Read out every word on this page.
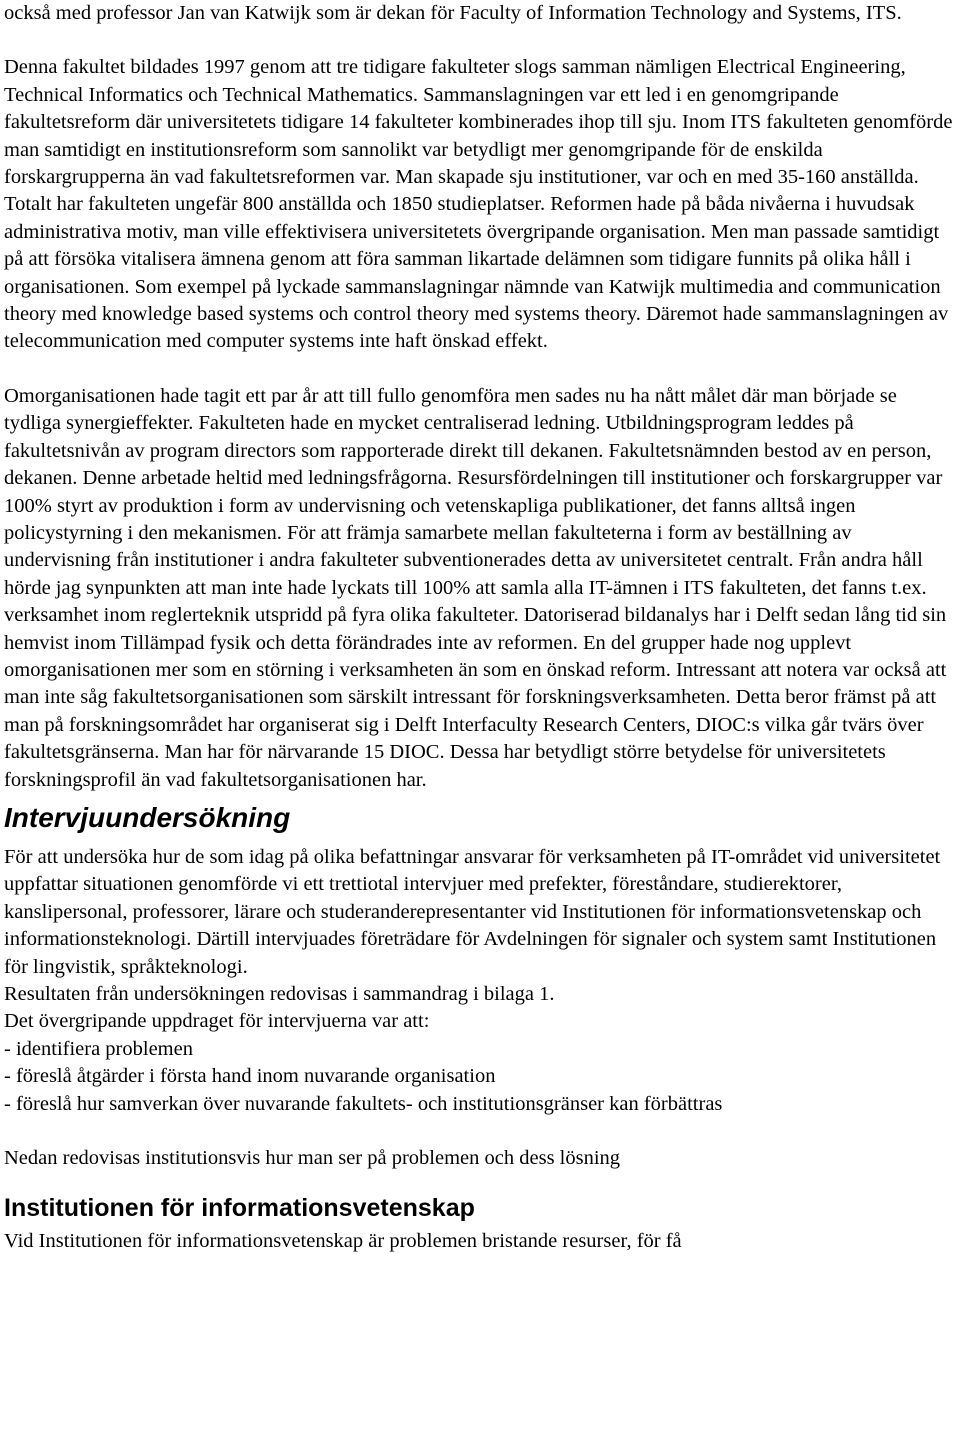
också med professor Jan van Katwijk som är dekan för Faculty of Information Technology and Systems, ITS.

Denna fakultet bildades 1997 genom att tre tidigare fakulteter slogs samman nämligen Electrical Engineering, Technical Informatics och Technical Mathematics. Sammanslagningen var ett led i en genomgripande fakultetsreform där universitetets tidigare 14 fakulteter kombinerades ihop till sju. Inom ITS fakulteten genomförde man samtidigt en institutionsreform som sannolikt var betydligt mer genomgripande för de enskilda forskargrupperna än vad fakultetsreformen var. Man skapade sju institutioner, var och en med 35-160 anställda. Totalt har fakulteten ungefär 800 anställda och 1850 studieplatser. Reformen hade på båda nivåerna i huvudsak administrativa motiv, man ville effektivisera universitetets övergripande organisation. Men man passade samtidigt på att försöka vitalisera ämnena genom att föra samman likartade delämnen som tidigare funnits på olika håll i organisationen. Som exempel på lyckade sammanslagningar nämnde van Katwijk multimedia and communication theory med knowledge based systems och control theory med systems theory. Däremot hade sammanslagningen av telecommunication med computer systems inte haft önskad effekt.

Omorganisationen hade tagit ett par år att till fullo genomföra men sades nu ha nått målet där man började se tydliga synergieffekter. Fakulteten hade en mycket centraliserad ledning. Utbildningsprogram leddes på fakultetsnivån av program directors som rapporterade direkt till dekanen. Fakultetsnämnden bestod av en person, dekanen. Denne arbetade heltid med ledningsfrågorna. Resursfördelningen till institutioner och forskargrupper var 100% styrt av produktion i form av undervisning och vetenskapliga publikationer, det fanns alltså ingen policystyrning i den mekanismen. För att främja samarbete mellan fakulteterna i form av beställning av undervisning från institutioner i andra fakulteter subventionerades detta av universitetet centralt. Från andra håll hörde jag synpunkten att man inte hade lyckats till 100% att samla alla IT-ämnen i ITS fakulteten, det fanns t.ex. verksamhet inom reglerteknik utspridd på fyra olika fakulteter. Datoriserad bildanalys har i Delft sedan lång tid sin hemvist inom Tillämpad fysik och detta förändrades inte av reformen. En del grupper hade nog upplevt omorganisationen mer som en störning i verksamheten än som en önskad reform. Intressant att notera var också att man inte såg fakultetsorganisationen som särskilt intressant för forskningsverksamheten. Detta beror främst på att man på forskningsområdet har organiserat sig i Delft Interfaculty Research Centers, DIOC:s vilka går tvärs över fakultetsgränserna. Man har för närvarande 15 DIOC. Dessa har betydligt större betydelse för universitetets forskningsprofil än vad fakultetsorganisationen har.

Intervjuundersökning

För att undersöka hur de som idag på olika befattningar ansvarar för verksamheten på IT-området vid universitetet uppfattar situationen genomförde vi ett trettiotal intervjuer med prefekter, föreståndare, studierektorer, kanslipersonal, professorer, lärare och studeranderepresentanter vid Institutionen för informationsvetenskap och informationsteknologi. Därtill intervjuades företrädare för Avdelningen för signaler och system samt Institutionen för lingvistik, språkteknologi.

Resultaten från undersökningen redovisas i sammandrag i bilaga 1.

Det övergripande uppdraget för intervjuerna var att:

- identifiera problemen
- föreslå åtgärder i första hand inom nuvarande organisation
- föreslå hur samverkan över nuvarande fakultets- och institutionsgränser kan förbättras

Nedan redovisas institutionsvis hur man ser på problemen och dess lösning

Institutionen för informationsvetenskap

Vid Institutionen för informationsvetenskap är problemen bristande resurser, för få
